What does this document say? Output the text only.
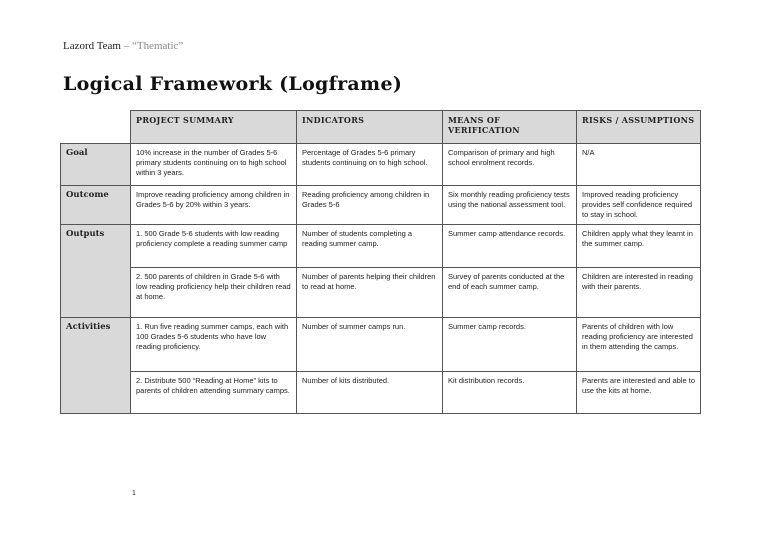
Lazord Team – “Thematic”
Logical Framework (Logframe)
	PROJECT SUMMARY	INDICATORS	MEANS OF VERIFICATION	RISKS / ASSUMPTIONS
Goal	10% increase in the number of Grades 5-6 primary students continuing on to high school within 3 years.	Percentage of Grades 5-6 primary students continuing on to high school.	Comparison of primary and high school enrolment records.	N/A
Outcome	Improve reading proficiency among children in Grades 5-6 by 20% within 3 years.	Reading proficiency among children in Grades 5-6	Six monthly reading proficiency tests using the national assessment tool.	Improved reading proficiency provides self confidence required to stay in school.
Outputs	1. 500 Grade 5-6 students with low reading proficiency complete a reading summer camp	Number of students completing a reading summer camp.	Summer camp attendance records.	Children apply what they learnt in the summer camp.
	2. 500 parents of children in Grade 5-6 with low reading proficiency help their children read at home.	Number of parents helping their children to read at home.	Survey of parents conducted at the end of each summer camp.	Children are interested in reading with their parents.
Activities	1. Run five reading summer camps, each with 100 Grades 5-6 students who have low reading proficiency.	Number of summer camps run.	Summer camp records.	Parents of children with low reading proficiency are interested in them attending the camps.
	2. Distribute 500 “Reading at Home” kits to parents of children attending summary camps.	Number of kits distributed.	Kit distribution records.	Parents are interested and able to use the kits at home.
1
